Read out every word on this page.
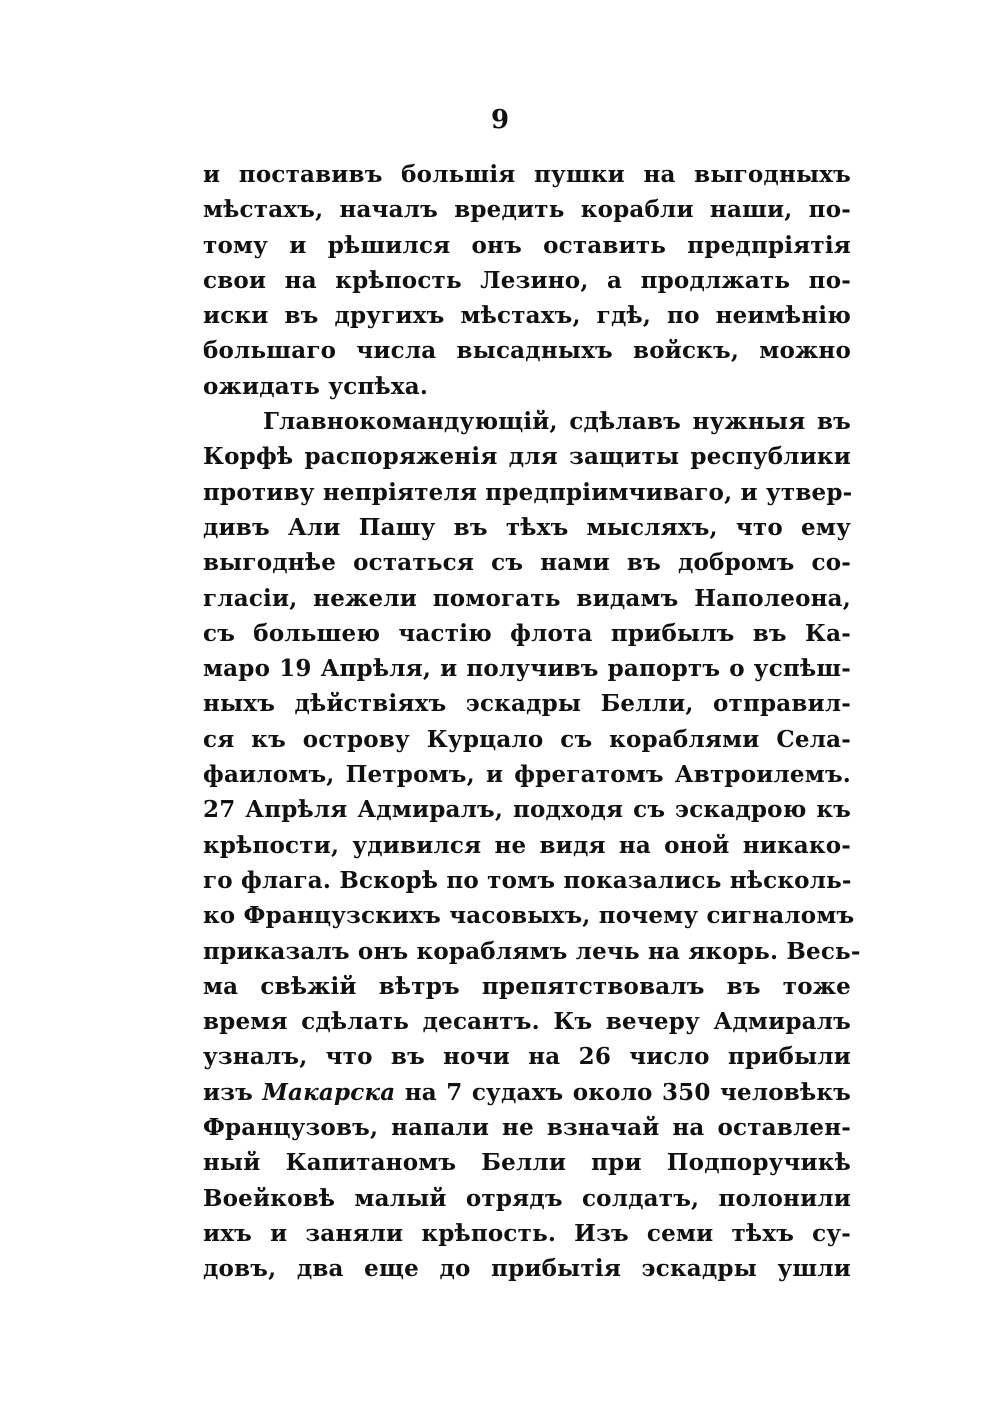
9
и поставивъ большія пушки на выгодныхъ
мѣстахъ, началъ вредить корабли наши, по-
тому и рѣшился онъ оставить предпріятія
свои на крѣпость Лезино, а продлжать по-
иски въ другихъ мѣстахъ, гдѣ, по неимѣнію
большаго числа высадныхъ войскъ, можно
ожидать успѣха.
Главнокомандующій, сдѣлавъ нужныя въ
Корфѣ распоряженія для защиты республики
противу непріятеля предпріимчиваго, и утвер-
дивъ Али Пашу въ тѣхъ мысляхъ, что ему
выгоднѣе остаться съ нами въ добромъ со-
гласіи, нежели помогать видамъ Наполеона,
съ большею частію флота прибылъ въ Ка-
маро 19 Апрѣля, и получивъ рапортъ о успѣш-
ныхъ дѣйствіяхъ эскадры Белли, отправил-
ся къ острову Курцало съ кораблями Села-
фаиломъ, Петромъ, и фрегатомъ Автроилемъ.
27 Апрѣля Адмиралъ, подходя съ эскадрою къ
крѣпости, удивился не видя на оной никако-
го флага. Вскорѣ по томъ показались нѣсколь-
ко Французскихъ часовыхъ, почему сигналомъ
приказалъ онъ кораблямъ лечь на якорь. Весь-
ма свѣжій вѣтръ препятствовалъ въ тоже
время сдѣлать десантъ. Къ вечеру Адмиралъ
узналъ, что въ ночи на 26 число прибыли
изъ Макарска на 7 судахъ около 350 человѣкъ
Французовъ, напали не взначай на оставлен-
ный Капитаномъ Белли при Подпоручикѣ
Воейковѣ малый отрядъ солдатъ, полонили
ихъ и заняли крѣпость. Изъ семи тѣхъ су-
довъ, два еще до прибытія эскадры ушли
